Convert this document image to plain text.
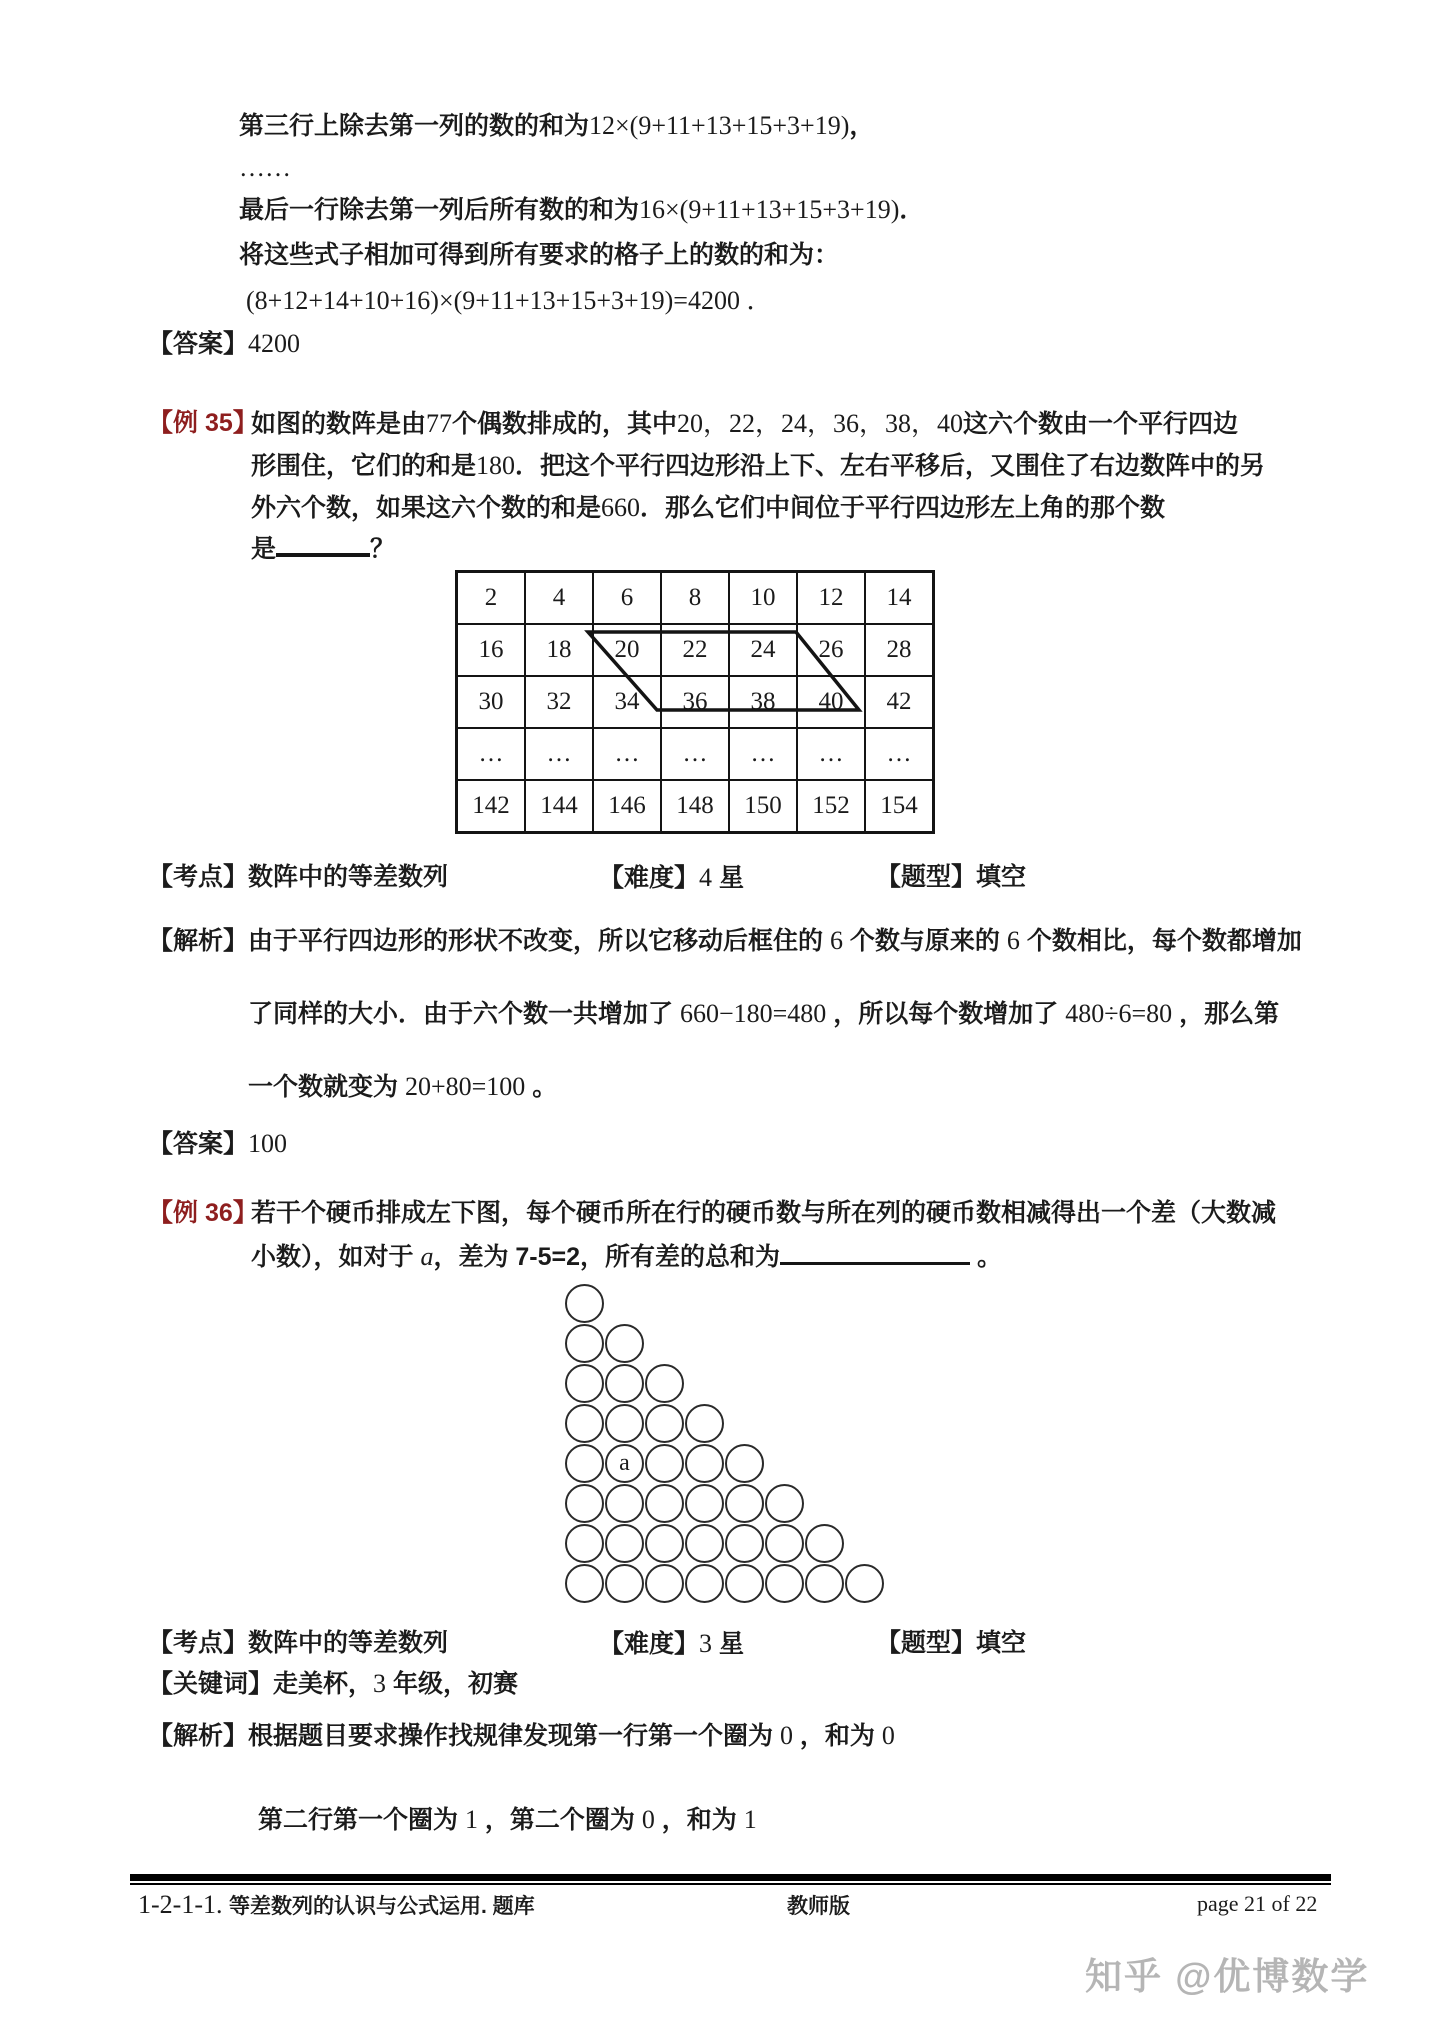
第三行上除去第一列的数的和为12×(9+11+13+15+3+19)，
……
最后一行除去第一列后所有数的和为16×(9+11+13+15+3+19)．
将这些式子相加可得到所有要求的格子上的数的和为：
(8+12+14+10+16)×(9+11+13+15+3+19)=4200 ．
【答案】4200
【例 35】
如图的数阵是由77个偶数排成的，其中20，22，24，36，38，40这六个数由一个平行四边
形围住，它们的和是180．把这个平行四边形沿上下、左右平移后，又围住了右边数阵中的另
外六个数，如果这六个数的和是660．那么它们中间位于平行四边形左上角的那个数
是	？
2	4	6	8	10	12	14
16	18	20	22	24	26	28
30	32	34	36	38	40	42
…	…	…	…	…	…	…
142	144	146	148	150	152	154
【考点】数阵中的等差数列	【难度】4 星	【题型】填空
【解析】由于平行四边形的形状不改变，所以它移动后框住的 6 个数与原来的 6 个数相比，每个数都增加
了同样的大小．由于六个数一共增加了 660−180=480 ，所以每个数增加了 480÷6=80 ，那么第
一个数就变为 20+80=100 。
【答案】100
【例 36】
若干个硬币排成左下图，每个硬币所在行的硬币数与所在列的硬币数相减得出一个差（大数减
小数），如对于 a，差为 7-5=2，所有差的总和为	。
a
【考点】数阵中的等差数列	【难度】3 星	【题型】填空
【关键词】走美杯，3 年级，初赛
【解析】根据题目要求操作找规律发现第一行第一个圈为 0 ，和为 0
第二行第一个圈为 1 ，第二个圈为 0 ，和为 1
1-2-1-1. 等差数列的认识与公式运用. 题库	教师版	page 21 of 22
知乎 @优博数学
